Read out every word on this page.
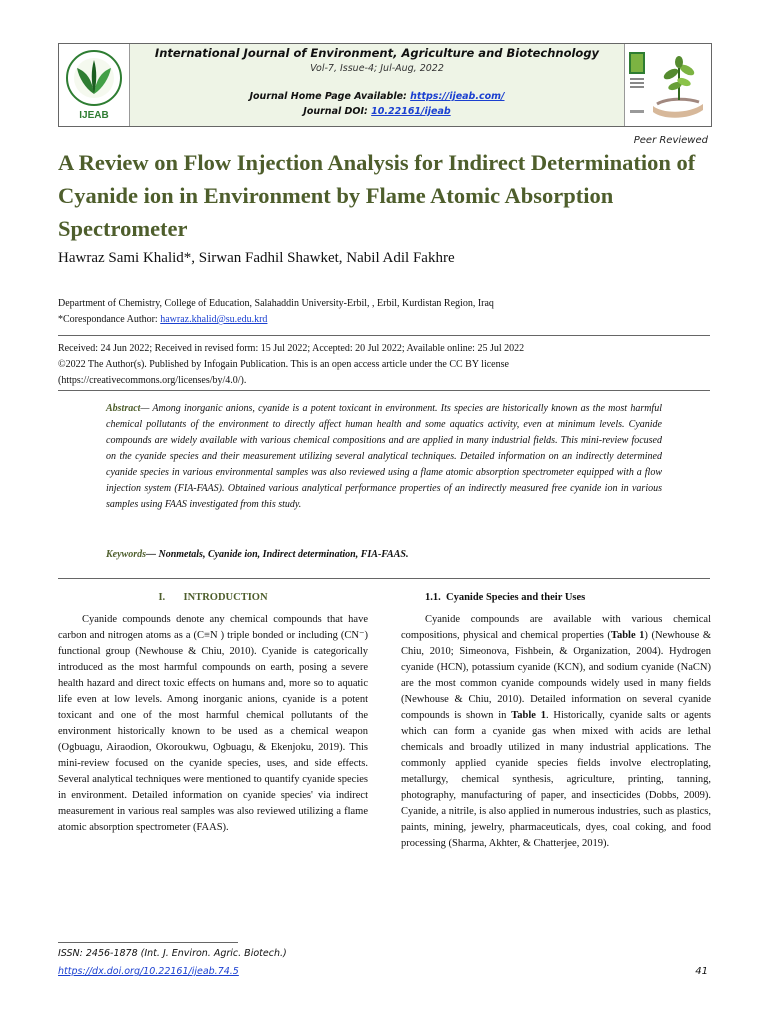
IJEAB
International Journal of Environment, Agriculture and Biotechnology
Vol-7, Issue-4; Jul-Aug, 2022
Journal Home Page Available: https://ijeab.com/
Journal DOI: 10.22161/ijeab
Peer Reviewed
A Review on Flow Injection Analysis for Indirect Determination of Cyanide ion in Environment by Flame Atomic Absorption Spectrometer
Hawraz Sami Khalid*, Sirwan Fadhil Shawket, Nabil Adil Fakhre
Department of Chemistry, College of Education, Salahaddin University-Erbil, , Erbil, Kurdistan Region, Iraq
*Corespondance Author: hawraz.khalid@su.edu.krd
Received: 24 Jun 2022; Received in revised form: 15 Jul 2022; Accepted: 20 Jul 2022; Available online: 25 Jul 2022
©2022 The Author(s). Published by Infogain Publication. This is an open access article under the CC BY license
(https://creativecommons.org/licenses/by/4.0/).
Abstract— Among inorganic anions, cyanide is a potent toxicant in environment. Its species are historically known as the most harmful chemical pollutants of the environment to directly affect human health and some aquatics activity, even at minimum levels. Cyanide compounds are widely available with various chemical compositions and are applied in many industrial fields. This mini-review focused on the cyanide species and their measurement utilizing several analytical techniques. Detailed information on an indirectly determined cyanide species in various environmental samples was also reviewed using a flame atomic absorption spectrometer equipped with a flow injection system (FIA-FAAS). Obtained various analytical performance properties of an indirectly measured free cyanide ion in various samples using FAAS investigated from this study.
Keywords— Nonmetals, Cyanide ion, Indirect determination, FIA-FAAS.
I.       INTRODUCTION

Cyanide compounds denote any chemical compounds that have carbon and nitrogen atoms as a (C≡N ) triple bonded or including (CN⁻) functional group (Newhouse & Chiu, 2010). Cyanide is categorically introduced as the most harmful compounds on earth, posing a severe health hazard and direct toxic effects on humans and, more so to aquatic life even at low levels. Among inorganic anions, cyanide is a potent toxicant and one of the most harmful chemical pollutants of the environment historically known to be used as a chemical weapon (Ogbuagu, Airaodion, Okoroukwu, Ogbuagu, & Ekenjoku, 2019). This mini-review focused on the cyanide species, uses, and side effects. Several analytical techniques were mentioned to quantify cyanide species in environment. Detailed information on cyanide species' via indirect measurement in various real samples was also reviewed utilizing a flame atomic absorption spectrometer (FAAS).

1.1.  Cyanide Species and their Uses

Cyanide compounds are available with various chemical compositions, physical and chemical properties (Table 1) (Newhouse & Chiu, 2010; Simeonova, Fishbein, & Organization, 2004). Hydrogen cyanide (HCN), potassium cyanide (KCN), and sodium cyanide (NaCN) are the most common cyanide compounds widely used in many fields (Newhouse & Chiu, 2010). Detailed information on several cyanide compounds is shown in Table 1. Historically, cyanide salts or agents which can form a cyanide gas when mixed with acids are lethal chemicals and broadly utilized in many industrial applications. The commonly applied cyanide species fields involve electroplating, metallurgy, chemical synthesis, agriculture, printing, tanning, photography, manufacturing of paper, and insecticides (Dobbs, 2009). Cyanide, a nitrile, is also applied in numerous industries, such as plastics, paints, mining, jewelry, pharmaceuticals, dyes, coal coking, and food processing (Sharma, Akhter, & Chatterjee, 2019).

ISSN: 2456-1878 (Int. J. Environ. Agric. Biotech.)
https://dx.doi.org/10.22161/ijeab.74.5	41
